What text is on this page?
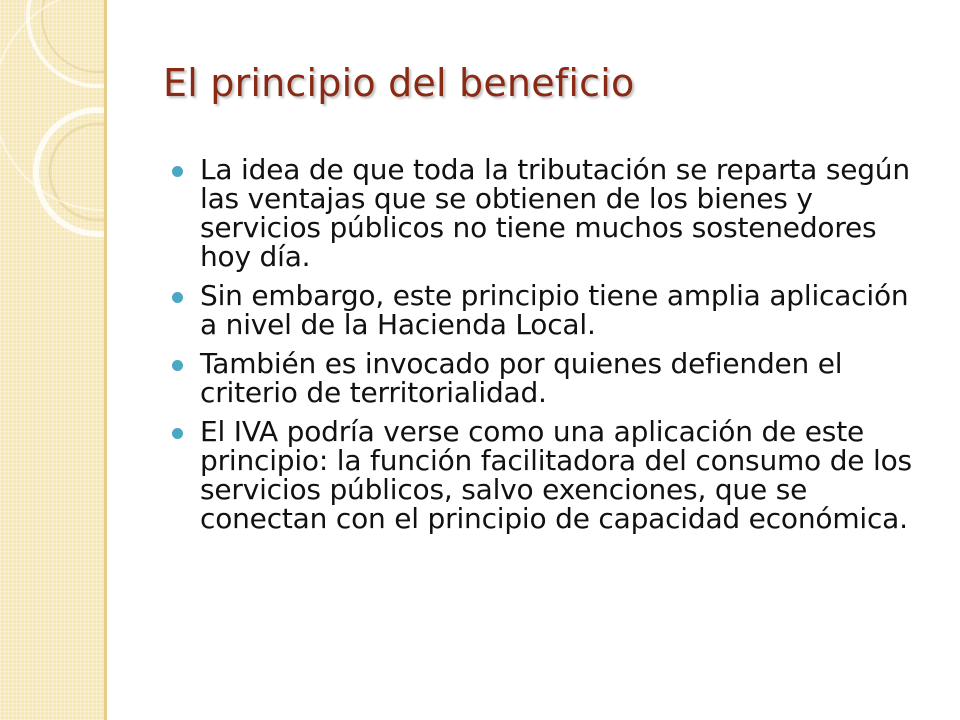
El principio del beneficio
La idea de que toda la tributación se reparta según las ventajas que se obtienen de los bienes y servicios públicos no tiene muchos sostenedores hoy día.
Sin embargo, este principio tiene amplia aplicación a nivel de la Hacienda Local.
También es invocado por quienes defienden el criterio de territorialidad.
El IVA podría verse como una aplicación de este principio: la función facilitadora del consumo de los servicios públicos, salvo exenciones, que se conectan con el principio de capacidad económica.
